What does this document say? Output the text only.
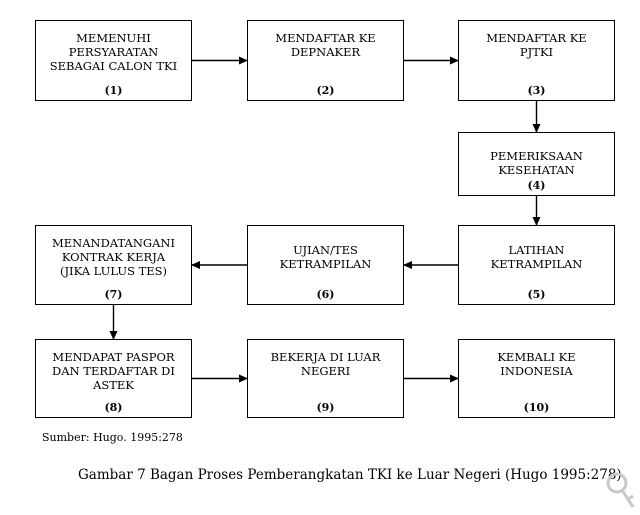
MEMENUHI
PERSYARATAN
SEBAGAI CALON TKI
(1)
MENDAFTAR KE
DEPNAKER
(2)
MENDAFTAR KE
PJTKI
(3)
PEMERIKSAAN
KESEHATAN
(4)
LATIHAN
KETRAMPILAN
(5)
UJIAN/TES
KETRAMPILAN
(6)
MENANDATANGANI
KONTRAK KERJA
(JIKA LULUS TES)
(7)
MENDAPAT PASPOR
DAN TERDAFTAR DI
ASTEK
(8)
BEKERJA DI LUAR
NEGERI
(9)
KEMBALI KE
INDONESIA
(10)
Sumber: Hugo. 1995:278
Gambar 7 Bagan Proses Pemberangkatan TKI ke Luar Negeri (Hugo 1995:278)
